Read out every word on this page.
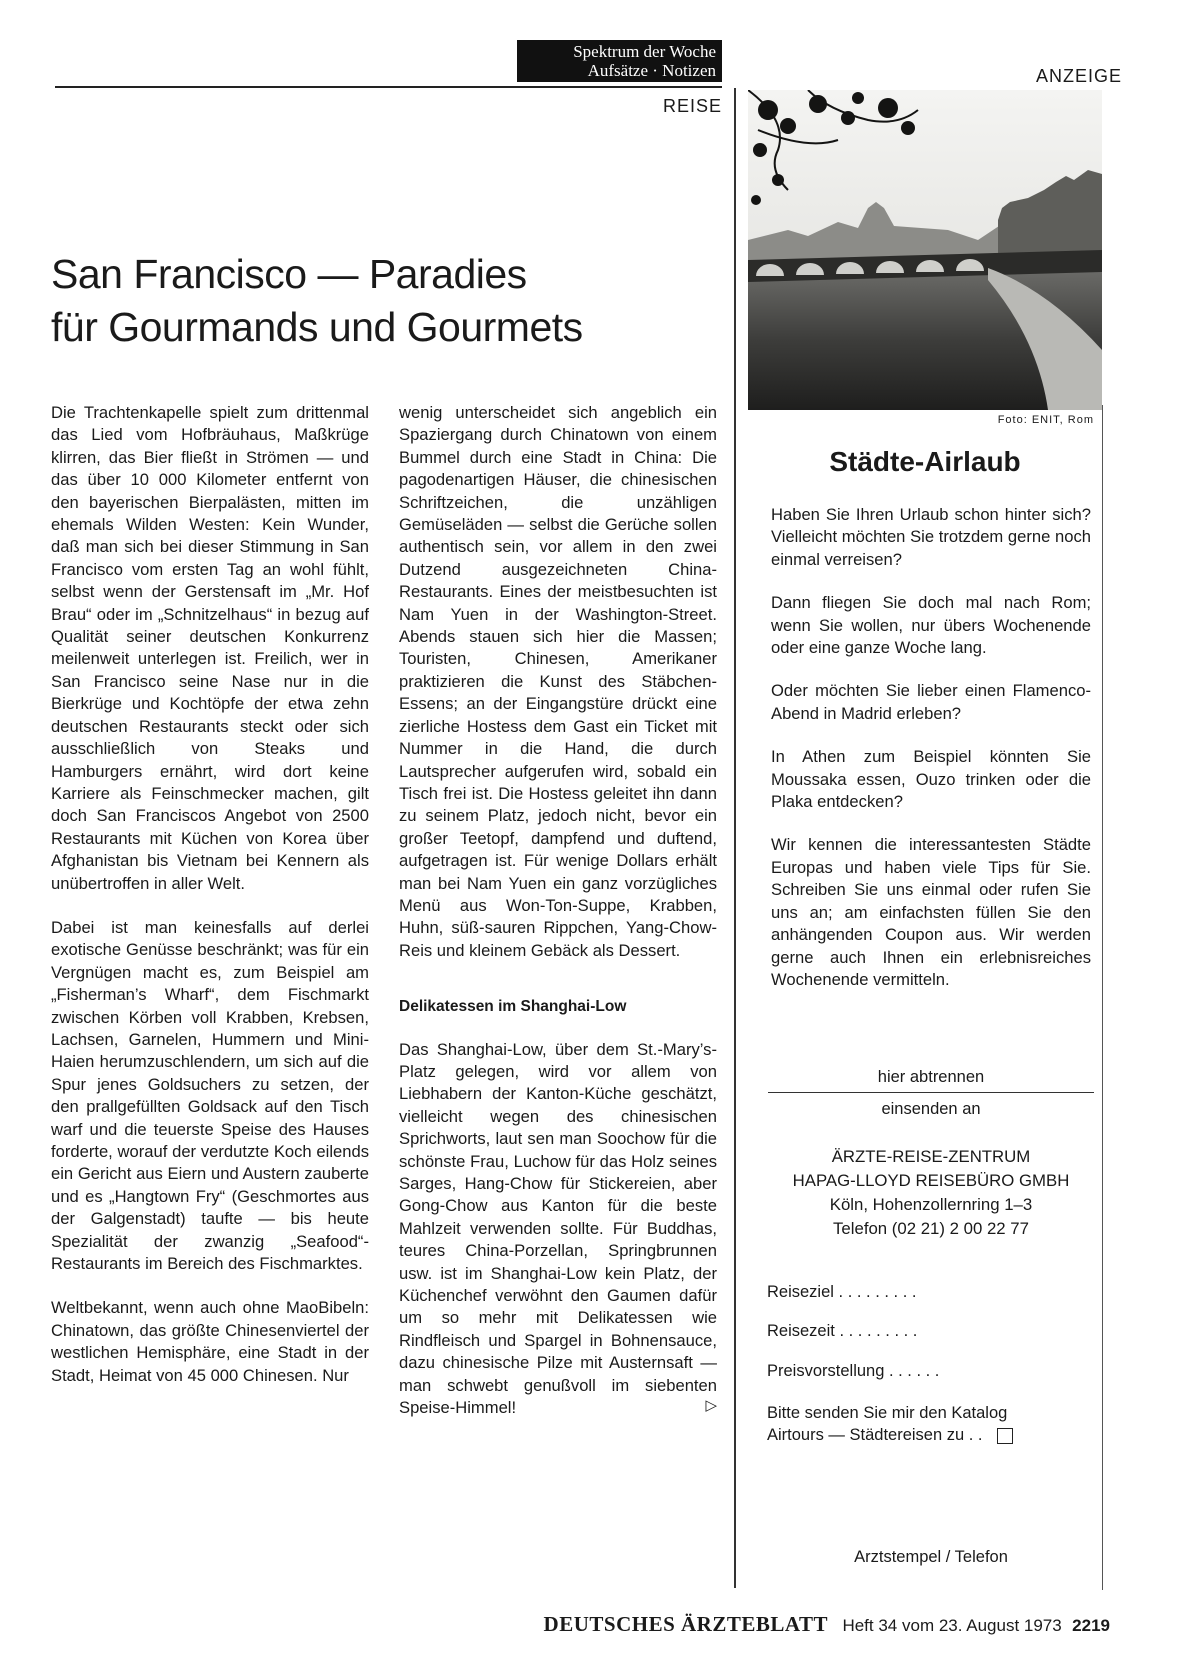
Spektrum der Woche
Aufsätze · Notizen
REISE
ANZEIGE
San Francisco — Paradies
für Gourmands und Gourmets

Die Trachtenkapelle spielt zum drittenmal das Lied vom Hofbräuhaus, Maßkrüge klirren, das Bier fließt in Strömen — und das über 10 000 Kilometer entfernt von den bayerischen Bierpalästen, mitten im ehemals Wilden Westen: Kein Wunder, daß man sich bei dieser Stimmung in San Francisco vom ersten Tag an wohl fühlt, selbst wenn der Gerstensaft im „Mr. Hof Brau“ oder im „Schnitzelhaus“ in bezug auf Qualität seiner deutschen Konkurrenz meilenweit unterlegen ist. Freilich, wer in San Francisco seine Nase nur in die Bierkrüge und Kochtöpfe der etwa zehn deutschen Restaurants steckt oder sich ausschließlich von Steaks und Hamburgers ernährt, wird dort keine Karriere als Feinschmecker machen, gilt doch San Franciscos Angebot von 2500 Restaurants mit Küchen von Korea über Afghanistan bis Vietnam bei Kennern als unübertroffen in aller Welt.

Dabei ist man keinesfalls auf derlei exotische Genüsse beschränkt; was für ein Vergnügen macht es, zum Beispiel am „Fisherman’s Wharf“, dem Fischmarkt zwischen Körben voll Krabben, Krebsen, Lachsen, Garnelen, Hummern und Mini-Haien herumzuschlendern, um sich auf die Spur jenes Goldsuchers zu setzen, der den prallgefüllten Goldsack auf den Tisch warf und die teuerste Speise des Hauses forderte, worauf der verdutzte Koch eilends ein Gericht aus Eiern und Austern zauberte und es „Hangtown Fry“ (Geschmortes aus der Galgenstadt) taufte — bis heute Spezialität der zwanzig „Seafood“-Restaurants im Bereich des Fischmarktes.

Weltbekannt, wenn auch ohne MaoBibeln: Chinatown, das größte Chinesenviertel der westlichen Hemisphäre, eine Stadt in der Stadt, Heimat von 45 000 Chinesen. Nur

wenig unterscheidet sich angeblich ein Spaziergang durch Chinatown von einem Bummel durch eine Stadt in China: Die pagodenartigen Häuser, die chinesischen Schriftzeichen, die unzähligen Gemüseläden — selbst die Gerüche sollen authentisch sein, vor allem in den zwei Dutzend ausgezeichneten China-Restaurants. Eines der meistbesuchten ist Nam Yuen in der Washington-Street. Abends stauen sich hier die Massen; Touristen, Chinesen, Amerikaner praktizieren die Kunst des Stäbchen-Essens; an der Eingangstüre drückt eine zierliche Hostess dem Gast ein Ticket mit Nummer in die Hand, die durch Lautsprecher aufgerufen wird, sobald ein Tisch frei ist. Die Hostess geleitet ihn dann zu seinem Platz, jedoch nicht, bevor ein großer Teetopf, dampfend und duftend, aufgetragen ist. Für wenige Dollars erhält man bei Nam Yuen ein ganz vorzügliches Menü aus Won-Ton-Suppe, Krabben, Huhn, süß-sauren Rippchen, Yang-Chow-Reis und kleinem Gebäck als Dessert.

Delikatessen im Shanghai-Low

Das Shanghai-Low, über dem St.-Mary’s-Platz gelegen, wird vor allem von Liebhabern der Kanton-Küche geschätzt, vielleicht wegen des chinesischen Sprichworts, laut sen man Soochow für die schönste Frau, Luchow für das Holz seines Sarges, Hang-Chow für Stickereien, aber Gong-Chow aus Kanton für die beste Mahlzeit verwenden sollte. Für Buddhas, teures China-Porzellan, Springbrunnen usw. ist im Shanghai-Low kein Platz, der Küchenchef verwöhnt den Gaumen dafür um so mehr mit Delikatessen wie Rindfleisch und Spargel in Bohnensauce, dazu chinesische Pilze mit Austernsaft — man schwebt genußvoll im siebenten Speise-Himmel!	▷

Foto: ENIT, Rom
Städte-Airlaub

Haben Sie Ihren Urlaub schon hinter sich? Vielleicht möchten Sie trotzdem gerne noch einmal verreisen?

Dann fliegen Sie doch mal nach Rom; wenn Sie wollen, nur übers Wochenende oder eine ganze Woche lang.

Oder möchten Sie lieber einen Flamenco-Abend in Madrid erleben?

In Athen zum Beispiel könnten Sie Moussaka essen, Ouzo trinken oder die Plaka entdecken?

Wir kennen die interessantesten Städte Europas und haben viele Tips für Sie. Schreiben Sie uns einmal oder rufen Sie uns an; am einfachsten füllen Sie den anhängenden Coupon aus. Wir werden gerne auch Ihnen ein erlebnisreiches Wochenende vermitteln.

hier abtrennen
einsenden an
ÄRZTE-REISE-ZENTRUM
HAPAG-LLOYD REISEBÜRO GMBH
Köln, Hohenzollernring 1–3
Telefon (02 21) 2 00 22 77
Reiseziel . . . . . . . . .
Reisezeit . . . . . . . . .
Preisvorstellung . . . . . .
Bitte senden Sie mir den Katalog
Airtours — Städtereisen zu . .
Arztstempel / Telefon
DEUTSCHES ÄRZTEBLATT Heft 34 vom 23. August 1973 2219
